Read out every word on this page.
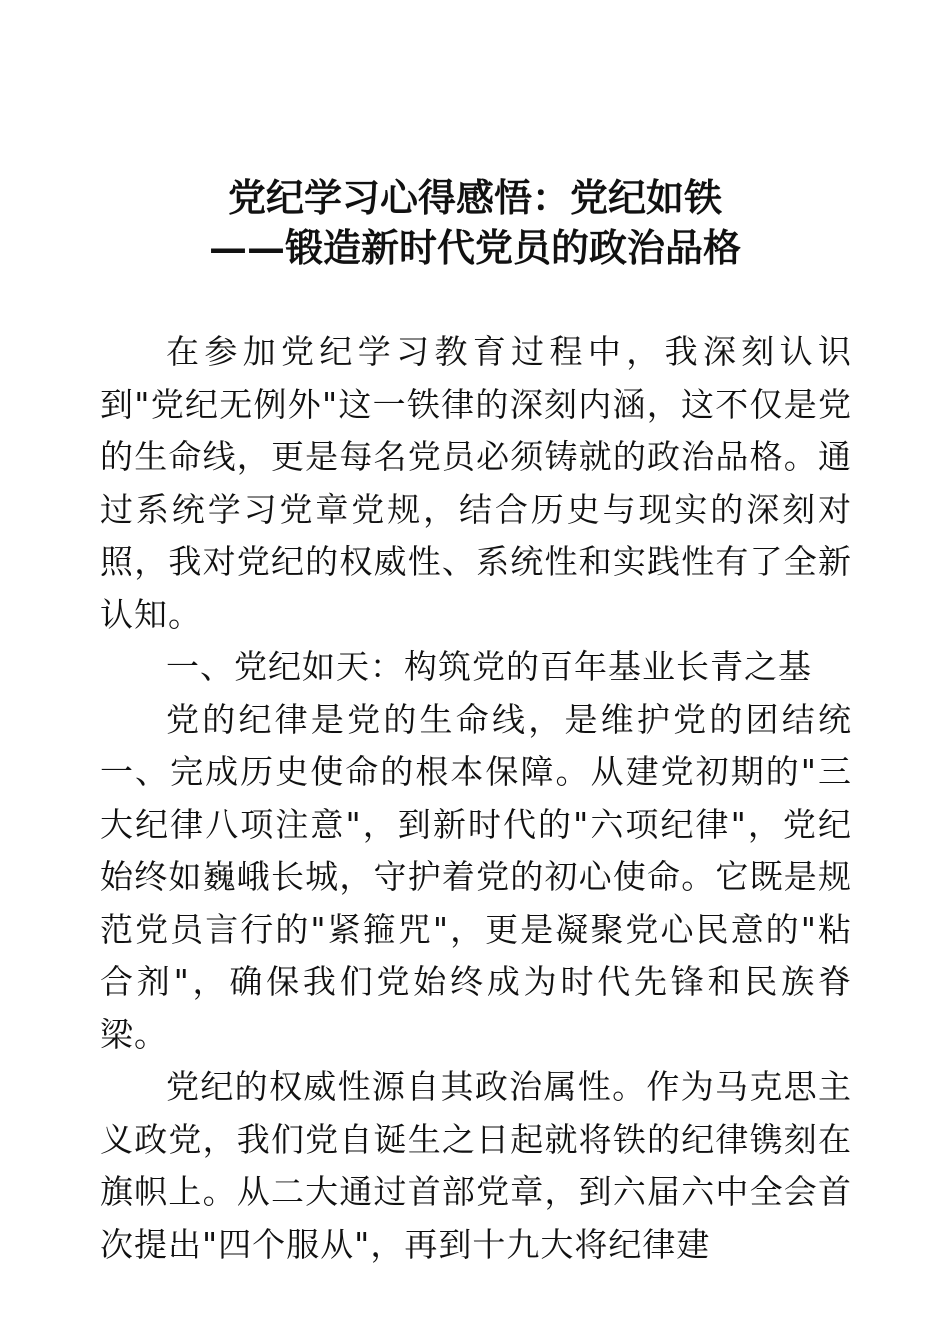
党纪学习心得感悟：党纪如铁
——锻造新时代党员的政治品格

在参加党纪学习教育过程中，我深刻认识到"党纪无例外"这一铁律的深刻内涵，这不仅是党的生命线，更是每名党员必须铸就的政治品格。通过系统学习党章党规，结合历史与现实的深刻对照，我对党纪的权威性、系统性和实践性有了全新认知。

一、党纪如天：构筑党的百年基业长青之基

党的纪律是党的生命线，是维护党的团结统一、完成历史使命的根本保障。从建党初期的"三大纪律八项注意"，到新时代的"六项纪律"，党纪始终如巍峨长城，守护着党的初心使命。它既是规范党员言行的"紧箍咒"，更是凝聚党心民意的"粘合剂"，确保我们党始终成为时代先锋和民族脊梁。

党纪的权威性源自其政治属性。作为马克思主义政党，我们党自诞生之日起就将铁的纪律镌刻在旗帜上。从二大通过首部党章，到六届六中全会首次提出"四个服从"，再到十九大将纪律建
